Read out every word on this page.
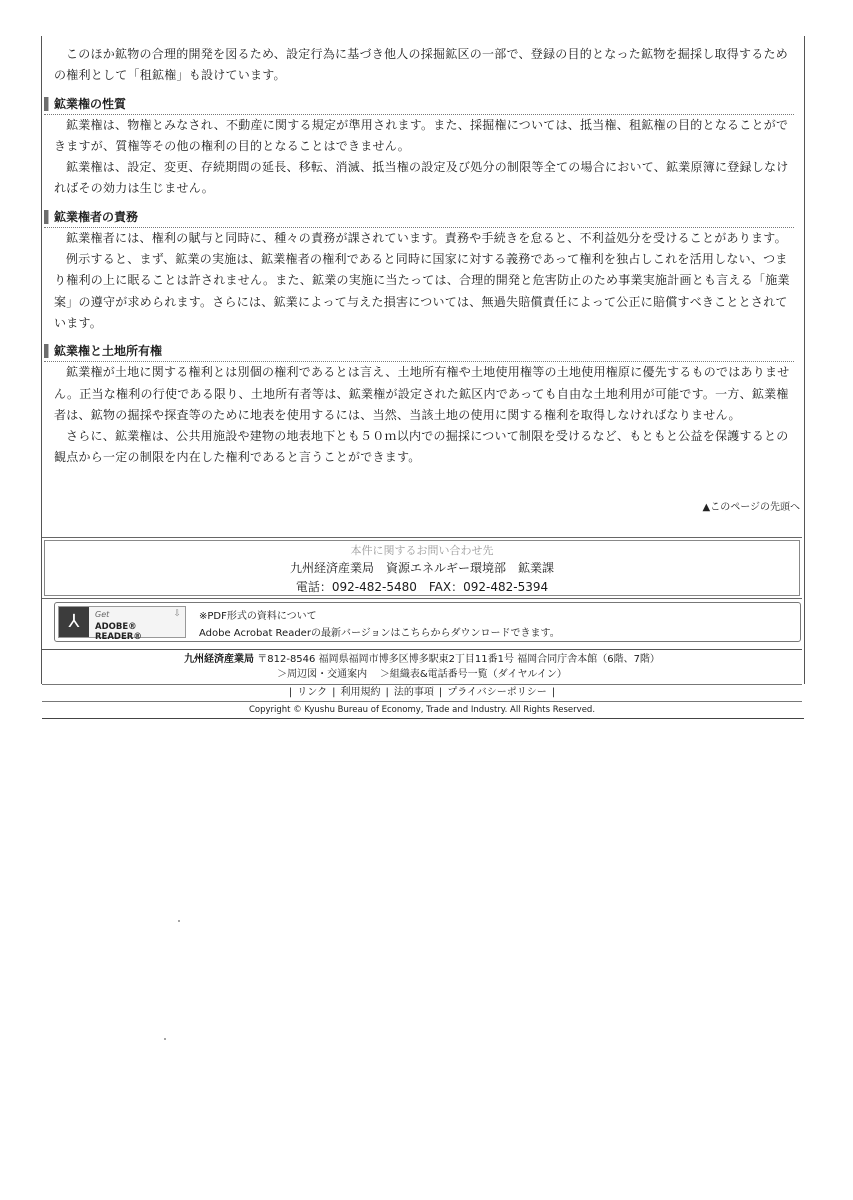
このほか鉱物の合理的開発を図るため、設定行為に基づき他人の採掘鉱区の一部で、登録の目的となった鉱物を掘採し取得するための権利として「租鉱権」も設けています。

鉱業権の性質

鉱業権は、物権とみなされ、不動産に関する規定が準用されます。また、採掘権については、抵当権、租鉱権の目的となることができますが、質権等その他の権利の目的となることはできません。

鉱業権は、設定、変更、存続期間の延長、移転、消滅、抵当権の設定及び処分の制限等全ての場合において、鉱業原簿に登録しなければその効力は生じません。

鉱業権者の責務

鉱業権者には、権利の賦与と同時に、種々の責務が課されています。責務や手続きを怠ると、不利益処分を受けることがあります。

例示すると、まず、鉱業の実施は、鉱業権者の権利であると同時に国家に対する義務であって権利を独占しこれを活用しない、つまり権利の上に眠ることは許されません。また、鉱業の実施に当たっては、合理的開発と危害防止のため事業実施計画とも言える「施業案」の遵守が求められます。さらには、鉱業によって与えた損害については、無過失賠償責任によって公正に賠償すべきこととされています。

鉱業権と土地所有権

鉱業権が土地に関する権利とは別個の権利であるとは言え、土地所有権や土地使用権等の土地使用権原に優先するものではありません。正当な権利の行使である限り、土地所有者等は、鉱業権が設定された鉱区内であっても自由な土地利用が可能です。一方、鉱業権者は、鉱物の掘採や探査等のために地表を使用するには、当然、当該土地の使用に関する権利を取得しなければなりません。

さらに、鉱業権は、公共用施設や建物の地表地下とも５０ｍ以内での掘採について制限を受けるなど、もともと公益を保護するとの観点から一定の制限を内在した権利であると言うことができます。

▲このページの先頭へ
本件に関するお問い合わせ先
九州経済産業局　資源エネルギー環境部　鉱業課
電話：092-482-5480　FAX：092-482-5394
⅄	Get
ADOBE® READER®
⇩ ※PDF形式の資料について
Adobe Acrobat Readerの最新バージョンはこちらからダウンロードできます。
九州経済産業局 〒812-8546 福岡県福岡市博多区博多駅東2丁目11番1号 福岡合同庁舎本館（6階、7階）
＞周辺図・交通案内 ＞組織表&電話番号一覧（ダイヤルイン）
| リンク | 利用規約 | 法的事項 | プライバシーポリシー |
Copyright © Kyushu Bureau of Economy, Trade and Industry. All Rights Reserved.
